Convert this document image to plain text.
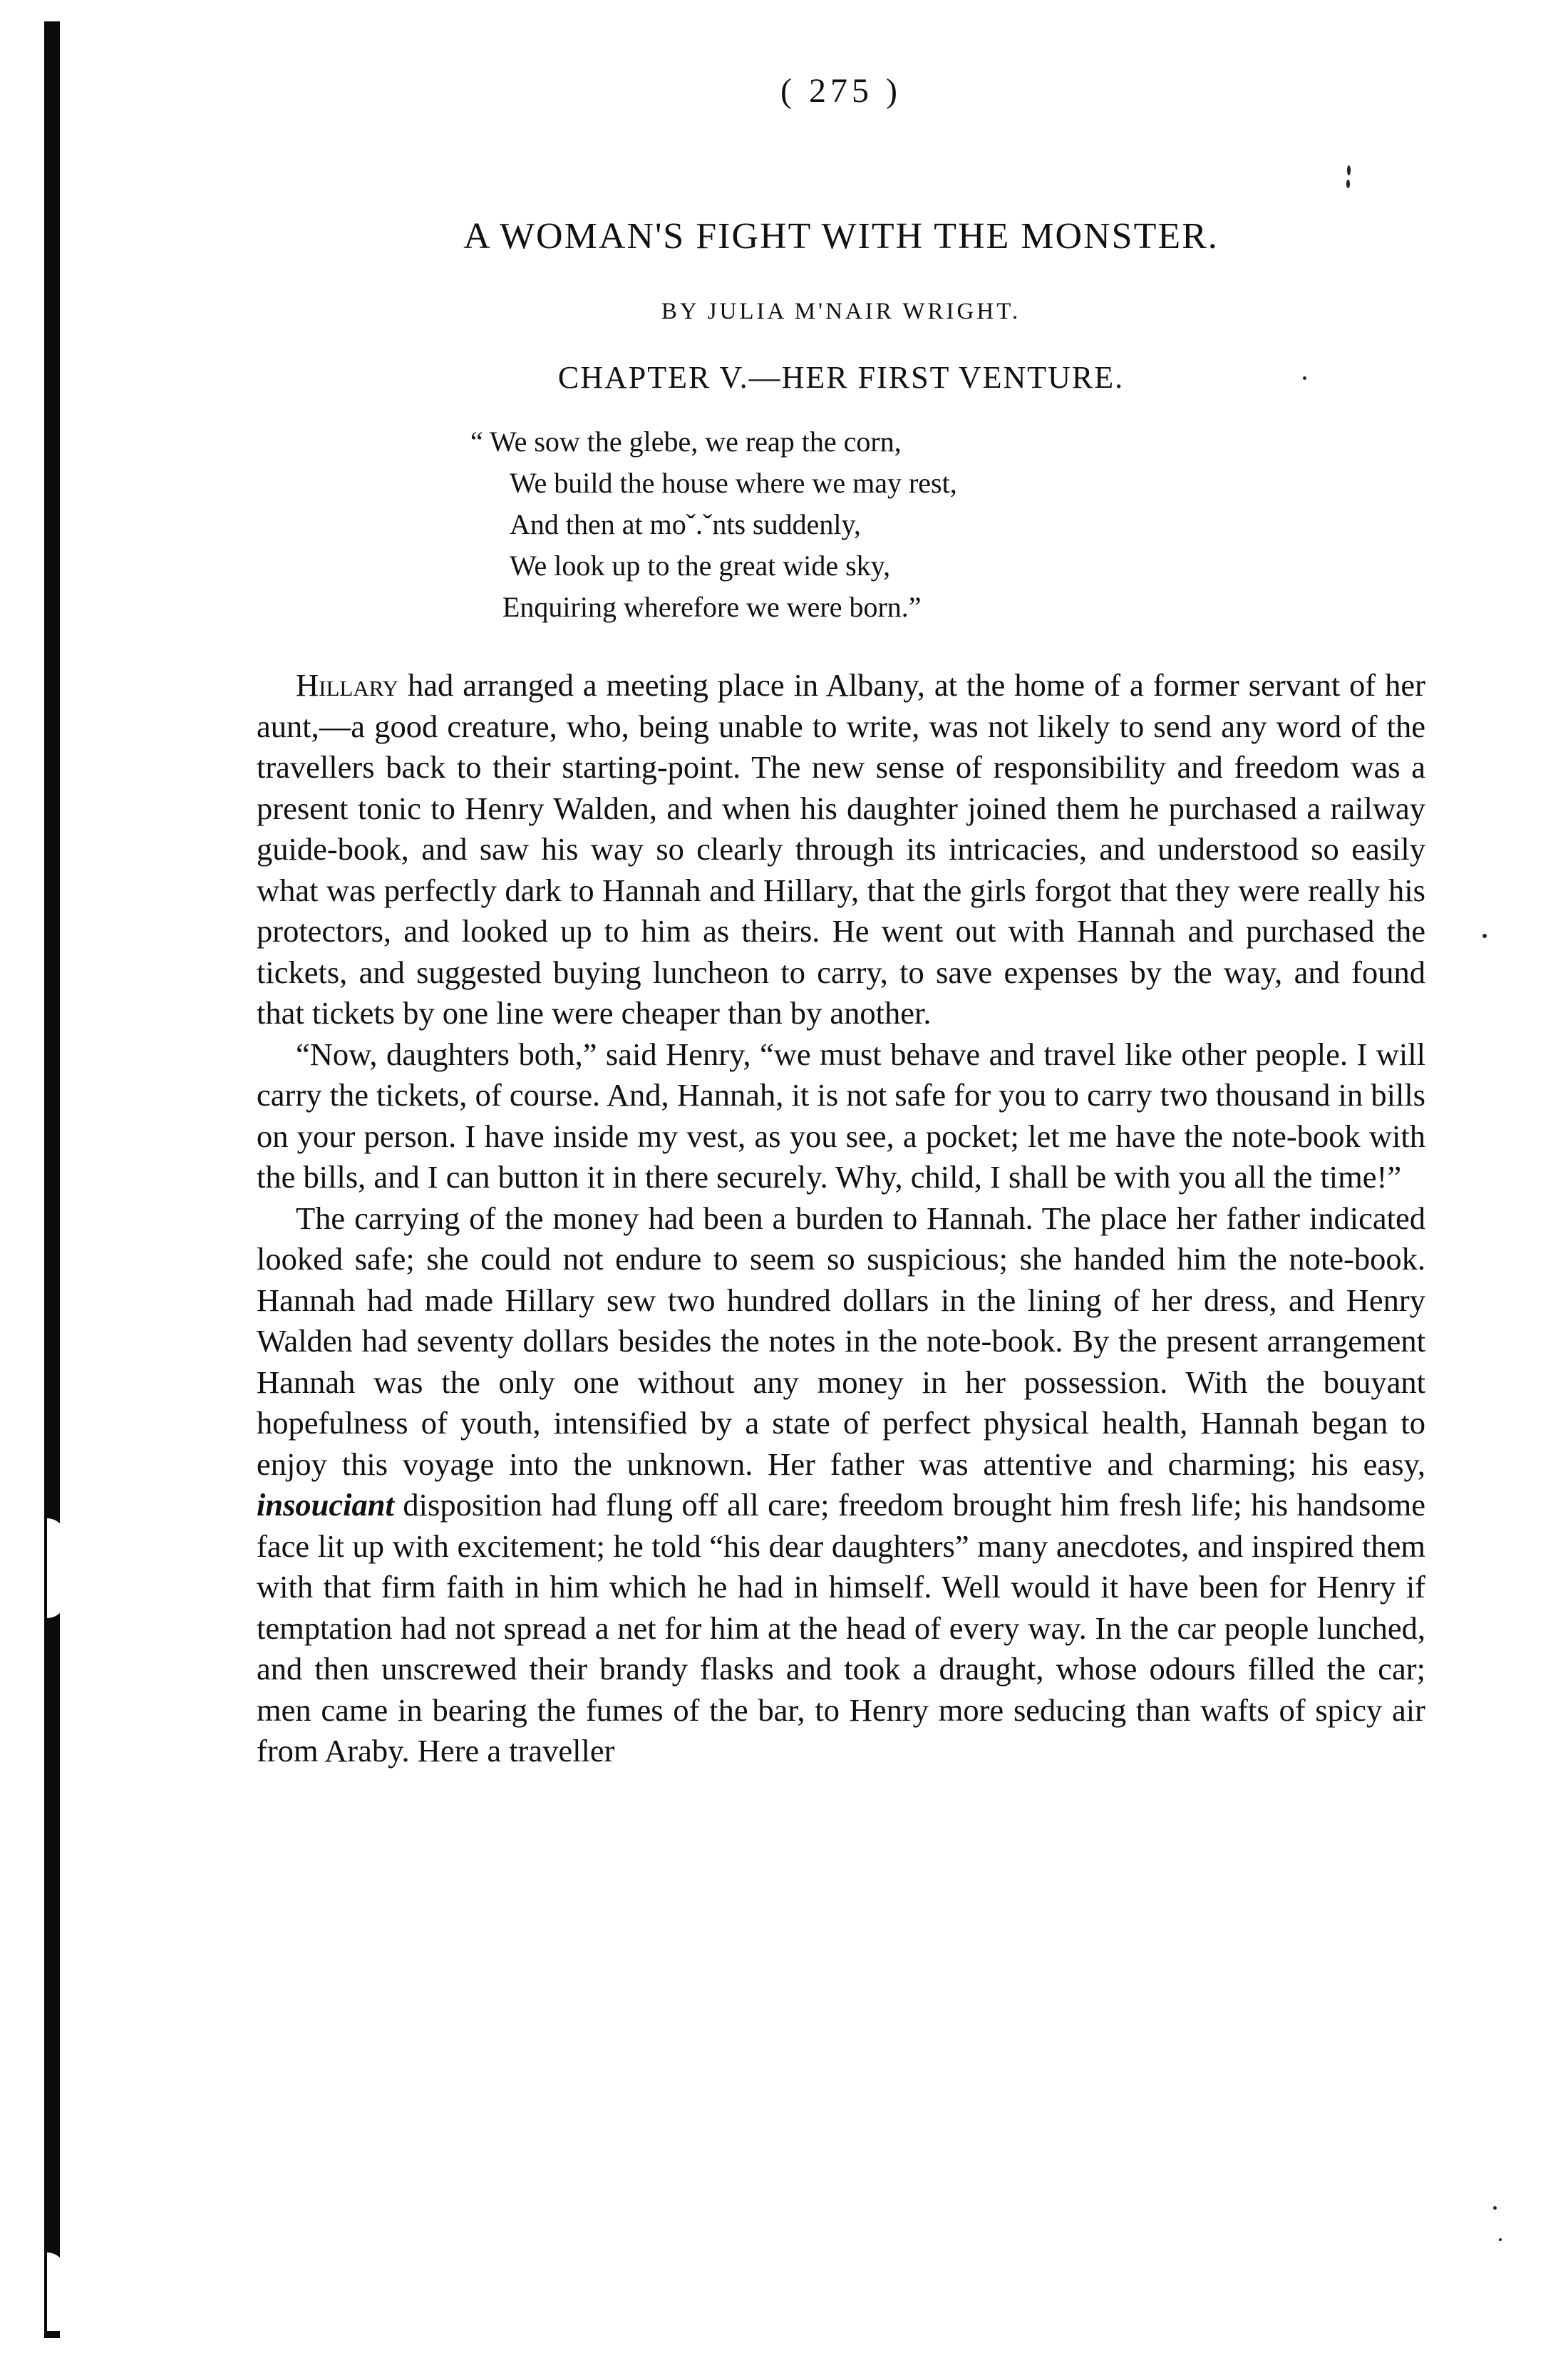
( 275 )
A WOMAN'S FIGHT WITH THE MONSTER.
BY JULIA M'NAIR WRIGHT.
CHAPTER V.—HER FIRST VENTURE.
“ We sow the glebe, we reap the corn,
We build the house where we may rest,
And then at moˇ.ˇnts suddenly,
We look up to the great wide sky,
Enquiring wherefore we were born.”

Hillary had arranged a meeting place in Albany, at the home of a former servant of her aunt,—a good creature, who, being unable to write, was not likely to send any word of the travellers back to their starting-point. The new sense of responsibility and freedom was a present tonic to Henry Walden, and when his daughter joined them he purchased a railway guide-book, and saw his way so clearly through its intricacies, and understood so easily what was perfectly dark to Hannah and Hillary, that the girls forgot that they were really his protectors, and looked up to him as theirs. He went out with Hannah and purchased the tickets, and suggested buying luncheon to carry, to save expenses by the way, and found that tickets by one line were cheaper than by another.

“Now, daughters both,” said Henry, “we must behave and travel like other people. I will carry the tickets, of course. And, Hannah, it is not safe for you to carry two thousand in bills on your person. I have inside my vest, as you see, a pocket; let me have the note-book with the bills, and I can button it in there securely. Why, child, I shall be with you all the time!”

The carrying of the money had been a burden to Hannah. The place her father indicated looked safe; she could not endure to seem so suspicious; she handed him the note-book. Hannah had made Hillary sew two hundred dollars in the lining of her dress, and Henry Walden had seventy dollars besides the notes in the note-book. By the present arrangement Hannah was the only one without any money in her possession. With the bouyant hopefulness of youth, intensified by a state of perfect physical health, Hannah began to enjoy this voyage into the unknown. Her father was attentive and charming; his easy, insouciant disposition had flung off all care; freedom brought him fresh life; his handsome face lit up with excitement; he told “his dear daughters” many anecdotes, and inspired them with that firm faith in him which he had in himself. Well would it have been for Henry if temptation had not spread a net for him at the head of every way. In the car people lunched, and then unscrewed their brandy flasks and took a draught, whose odours filled the car; men came in bearing the fumes of the bar, to Henry more seducing than wafts of spicy air from Araby. Here a traveller
